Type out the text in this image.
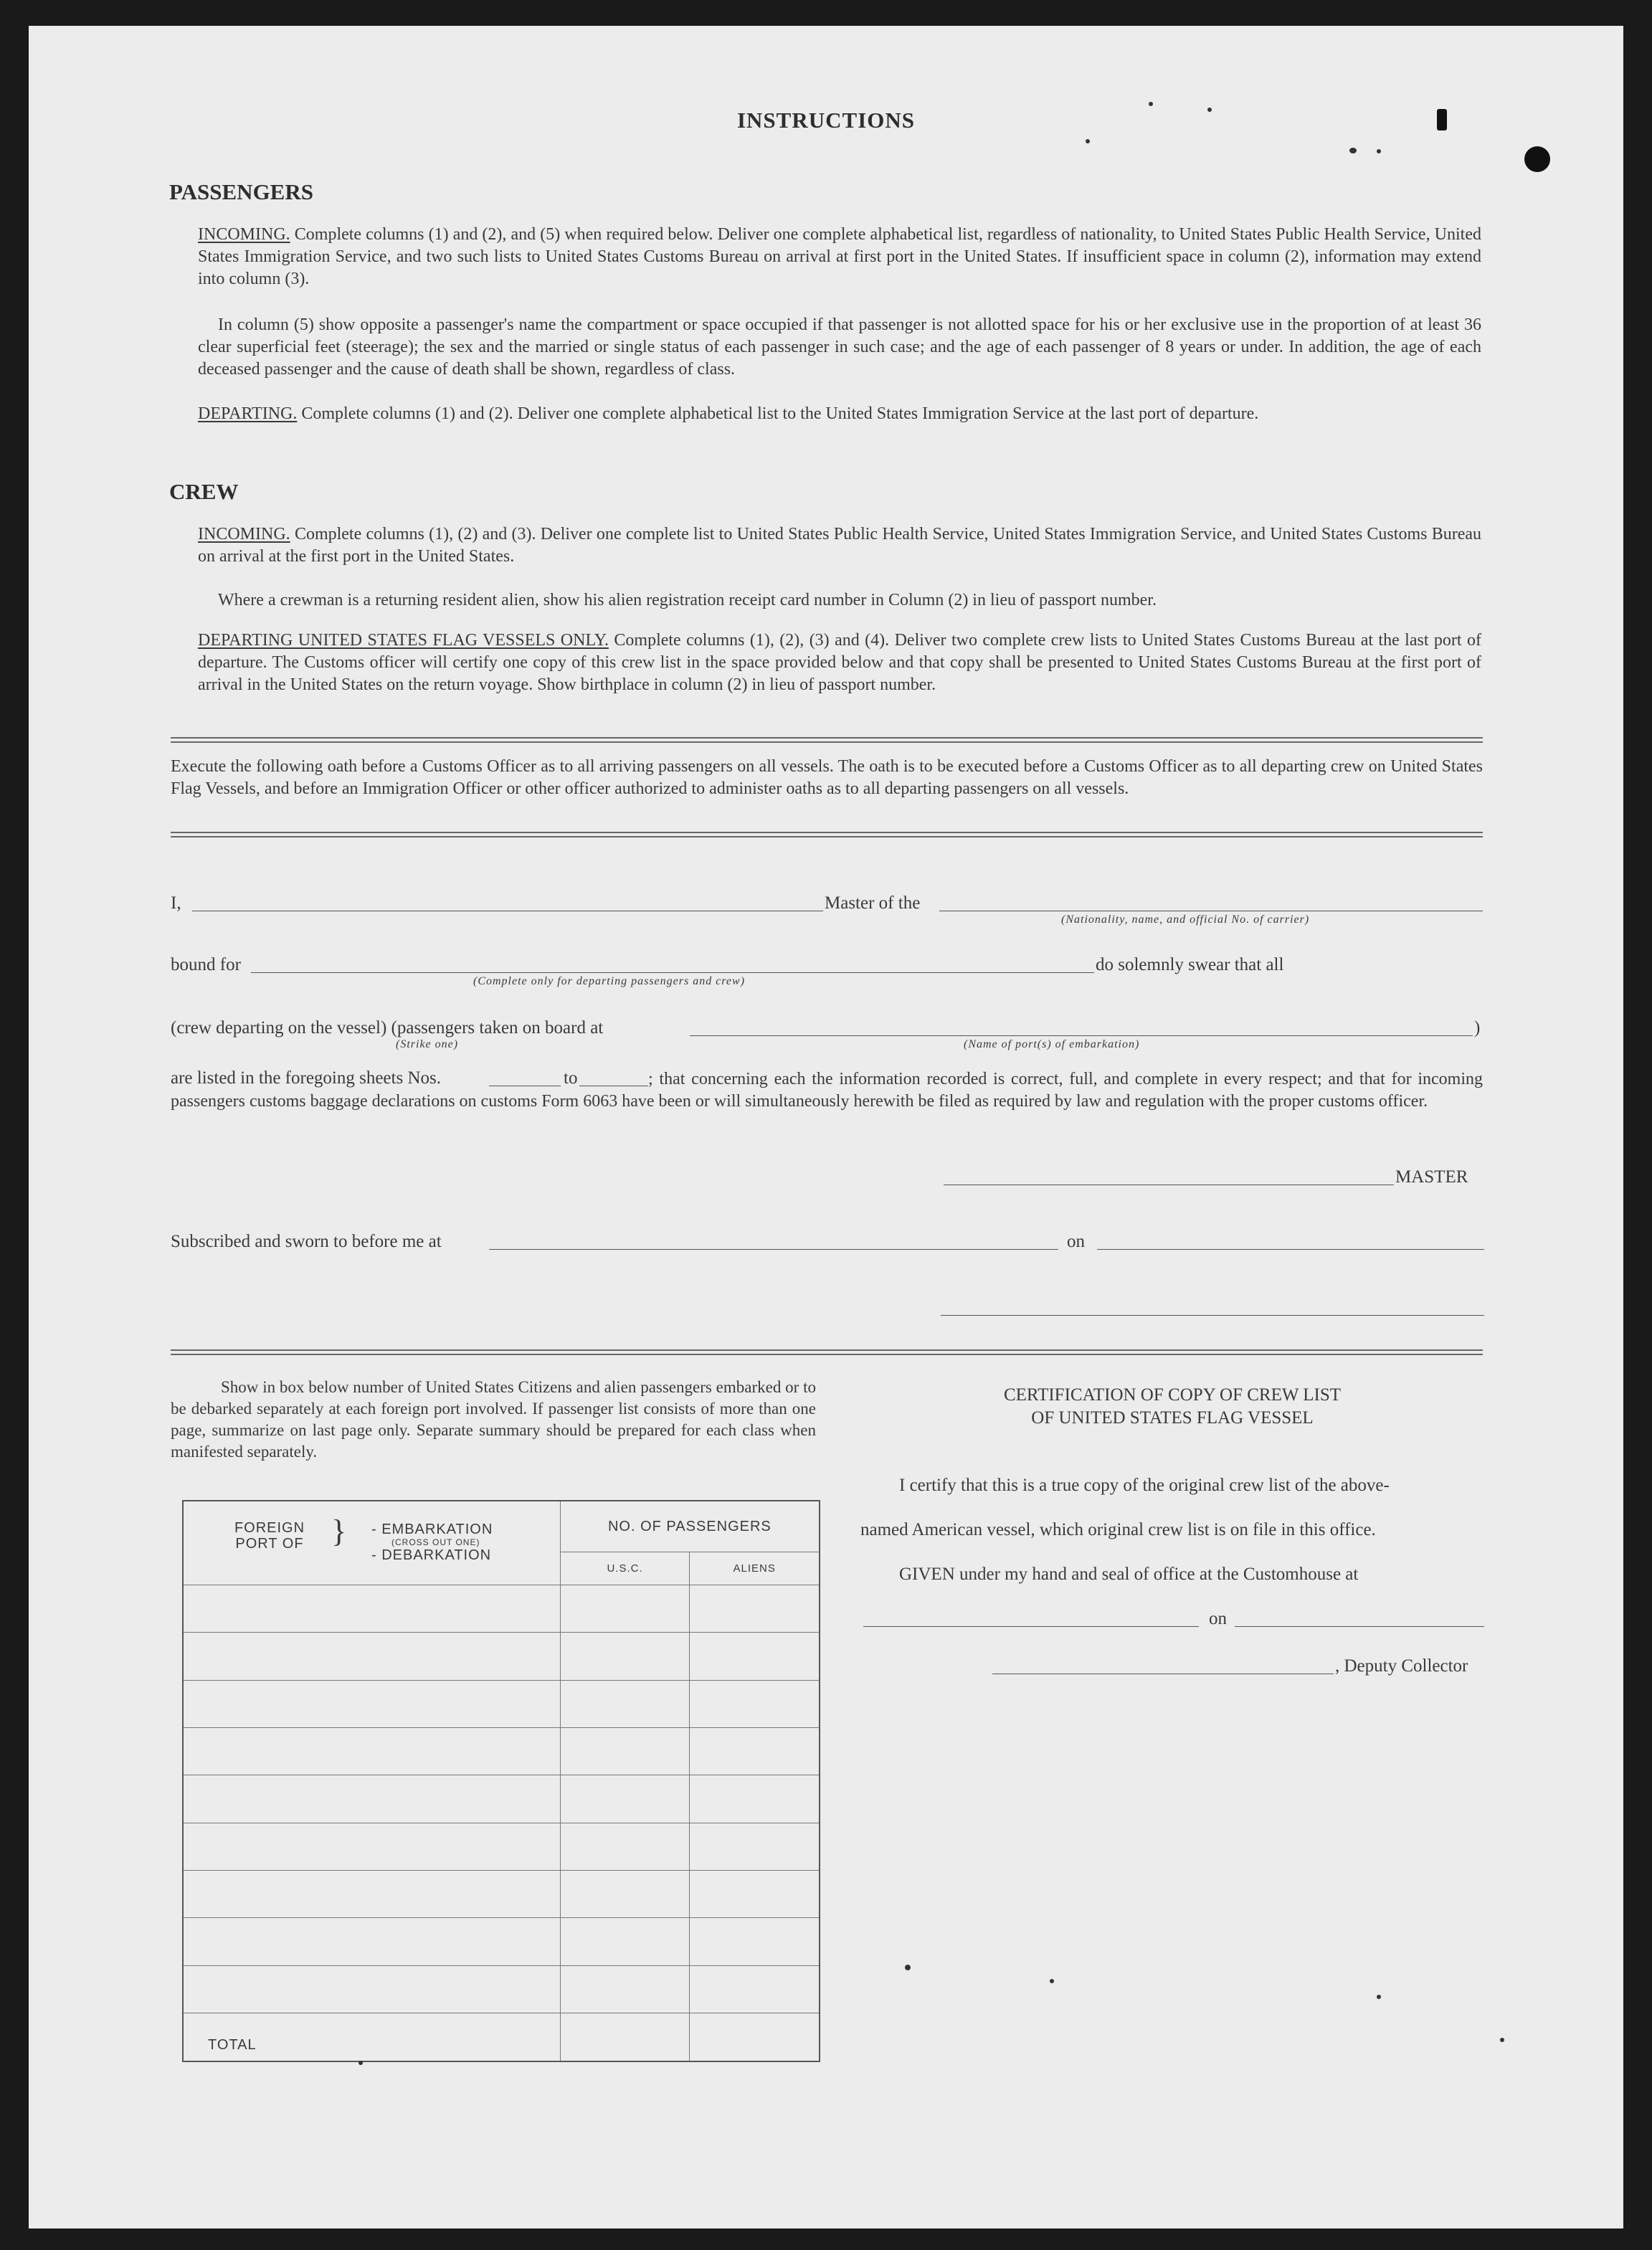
INSTRUCTIONS
PASSENGERS
INCOMING. Complete columns (1) and (2), and (5) when required below. Deliver one complete alphabetical list, regardless of nationality, to United States Public Health Service, United States Immigration Service, and two such lists to United States Customs Bureau on arrival at first port in the United States. If insufficient space in column (2), information may extend into column (3).
In column (5) show opposite a passenger's name the compartment or space occupied if that passenger is not allotted space for his or her exclusive use in the proportion of at least 36 clear superficial feet (steerage); the sex and the married or single status of each passenger in such case; and the age of each passenger of 8 years or under. In addition, the age of each deceased passenger and the cause of death shall be shown, regardless of class.
DEPARTING. Complete columns (1) and (2). Deliver one complete alphabetical list to the United States Immigration Service at the last port of departure.
CREW
INCOMING. Complete columns (1), (2) and (3). Deliver one complete list to United States Public Health Service, United States Immigration Service, and United States Customs Bureau on arrival at the first port in the United States.
Where a crewman is a returning resident alien, show his alien registration receipt card number in Column (2) in lieu of passport number.
DEPARTING UNITED STATES FLAG VESSELS ONLY. Complete columns (1), (2), (3) and (4). Deliver two complete crew lists to United States Customs Bureau at the last port of departure. The Customs officer will certify one copy of this crew list in the space provided below and that copy shall be presented to United States Customs Bureau at the first port of arrival in the United States on the return voyage. Show birthplace in column (2) in lieu of passport number.
Execute the following oath before a Customs Officer as to all arriving passengers on all vessels. The oath is to be executed before a Customs Officer as to all departing crew on United States Flag Vessels, and before an Immigration Officer or other officer authorized to administer oaths as to all departing passengers on all vessels.
I,	Master of the
(Nationality, name, and official No. of carrier)
bound for
(Complete only for departing passengers and crew)
do solemnly swear that all
(crew departing on the vessel) (passengers taken on board at	)
(Strike one)	(Name of port(s) of embarkation)
are listed in the foregoing sheets Nos.	to	; that concerning each the information recorded is correct, full, and complete in every respect; and that for incoming passengers customs baggage declarations on customs Form 6063 have been or will simultaneously herewith be filed as required by law and regulation with the proper customs officer.
MASTER
Subscribed and sworn to before me at	on
Show in box below number of United States Citizens and alien passengers embarked or to be debarked separately at each foreign port involved. If passenger list consists of more than one page, summarize on last page only. Separate summary should be prepared for each class when manifested separately.
FOREIGN PORT OF } - EMBARKATION
(CROSS OUT ONE)
- DEBARKATION	NO. OF PASSENGERS	
	U.S.C.	ALIENS

TOTAL		
CERTIFICATION OF COPY OF CREW LIST
OF UNITED STATES FLAG VESSEL
I certify that this is a true copy of the original crew list of the above-
named American vessel, which original crew list is on file in this office.
GIVEN under my hand and seal of office at the Customhouse at
on
, Deputy Collector
